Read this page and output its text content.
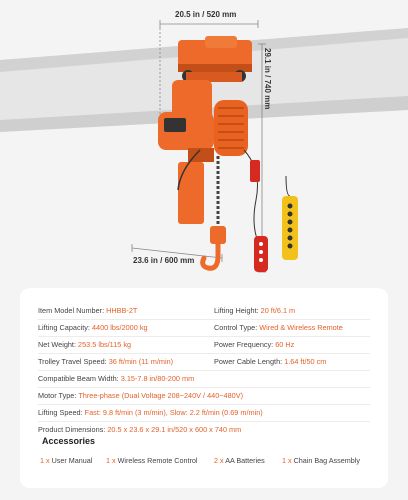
20.5 in / 520 mm
29.1 in / 740 mm
23.6 in / 600 mm
Item Model Number: HHBB-2T	Lifting Height: 20 ft/6.1 m
Lifting Capacity: 4400 lbs/2000 kg	Control Type: Wired & Wireless Remote
Net Weight: 253.5 lbs/115 kg	Power Frequency: 60 Hz
Trolley Travel Speed: 36 ft/min (11 m/min)	Power Cable Length: 1.64 ft/50 cm
Compatible Beam Width: 3.15-7.8 in/80-200 mm
Motor Type: Three-phase (Dual Voltage 208~240V / 440~480V)
Lifting Speed: Fast: 9.8 ft/min (3 m/min), Slow: 2.2 ft/min (0.69 m/min)
Product Dimensions: 20.5 x 23.6 x 29.1 in/520 x 600 x 740 mm
Accessories
1 x User Manual 1 x Wireless Remote Control 2 x AA Batteries 1 x Chain Bag Assembly
